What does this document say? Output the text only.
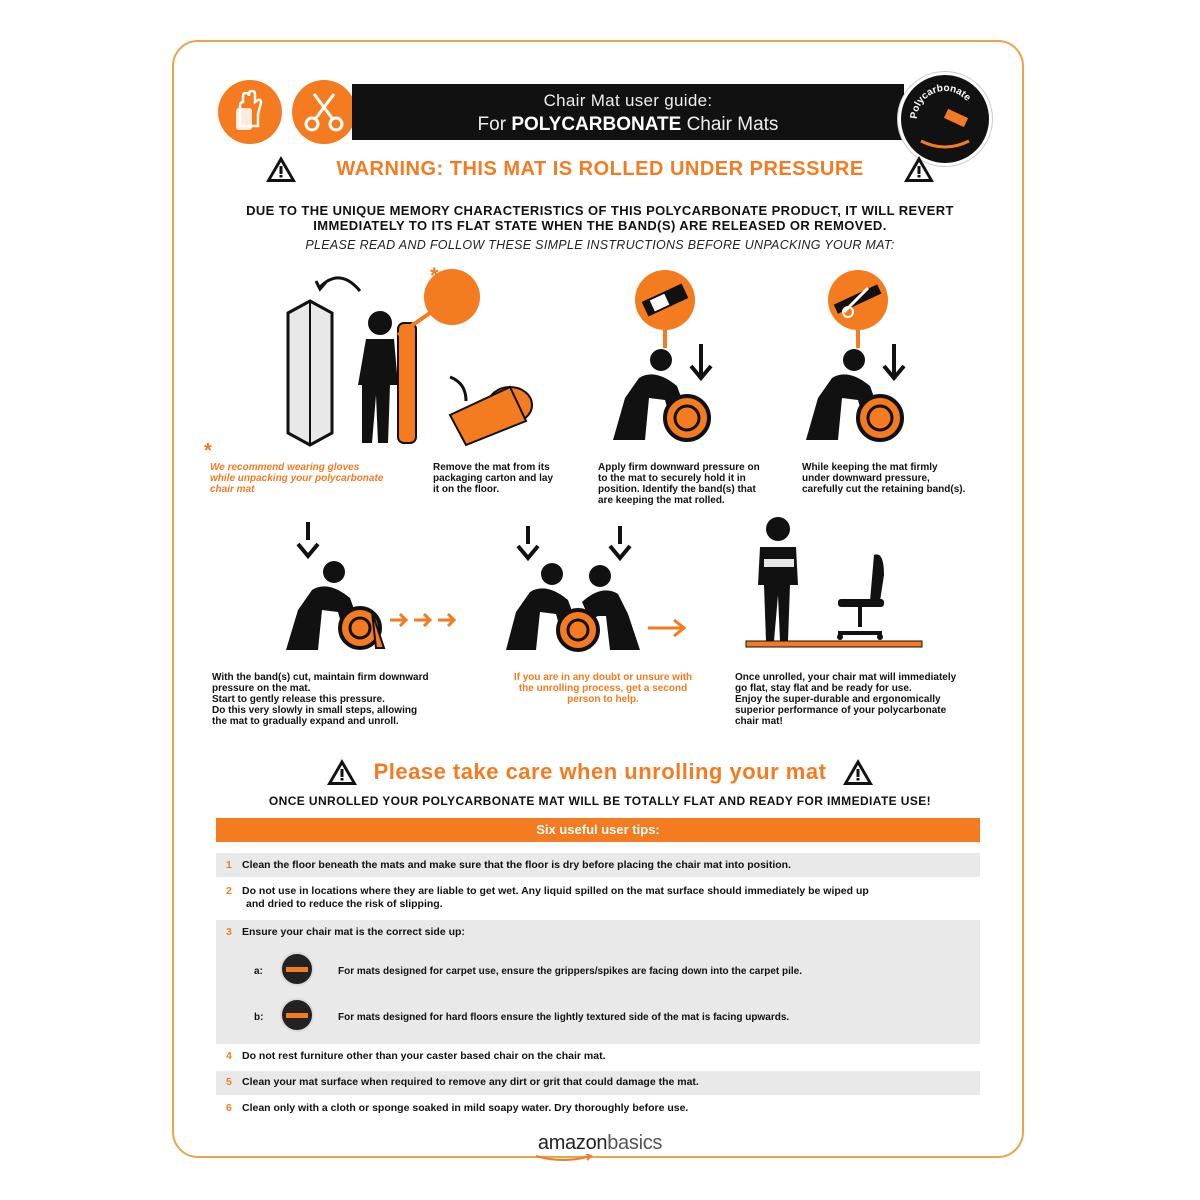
Chair Mat user guide:
For POLYCARBONATE Chair Mats	Polycarbonate
WARNING: THIS MAT IS ROLLED UNDER PRESSURE
DUE TO THE UNIQUE MEMORY CHARACTERISTICS OF THIS POLYCARBONATE PRODUCT, IT WILL REVERT
IMMEDIATELY TO ITS FLAT STATE WHEN THE BAND(S) ARE RELEASED OR REMOVED.
PLEASE READ AND FOLLOW THESE SIMPLE INSTRUCTIONS BEFORE UNPACKING YOUR MAT:
*
*
We recommend wearing gloves
while unpacking your polycarbonate
chair mat
Remove the mat from its
packaging carton and lay
it on the floor.
Apply firm downward pressure on
to the mat to securely hold it in
position. Identify the band(s) that
are keeping the mat rolled.
While keeping the mat firmly
under downward pressure,
carefully cut the retaining band(s).
With the band(s) cut, maintain firm downward
pressure on the mat.
Start to gently release this pressure.
Do this very slowly in small steps, allowing
the mat to gradually expand and unroll.
If you are in any doubt or unsure with
the unrolling process, get a second
person to help.
Once unrolled, your chair mat will immediately
go flat, stay flat and be ready for use.
Enjoy the super-durable and ergonomically
superior performance of your polycarbonate
chair mat!
Please take care when unrolling your mat
ONCE UNROLLED YOUR POLYCARBONATE MAT WILL BE TOTALLY FLAT AND READY FOR IMMEDIATE USE!
Six useful user tips:
1 Clean the floor beneath the mats and make sure that the floor is dry before placing the chair mat into position.
2 Do not use in locations where they are liable to get wet. Any liquid spilled on the mat surface should immediately be wiped up
and dried to reduce the risk of slipping.
3 Ensure your chair mat is the correct side up:
a:	For mats designed for carpet use, ensure the grippers/spikes are facing down into the carpet pile.
b:	For mats designed for hard floors ensure the lightly textured side of the mat is facing upwards.
4 Do not rest furniture other than your caster based chair on the chair mat.
5 Clean your mat surface when required to remove any dirt or grit that could damage the mat.
6 Clean only with a cloth or sponge soaked in mild soapy water. Dry thoroughly before use.
amazonbasics
